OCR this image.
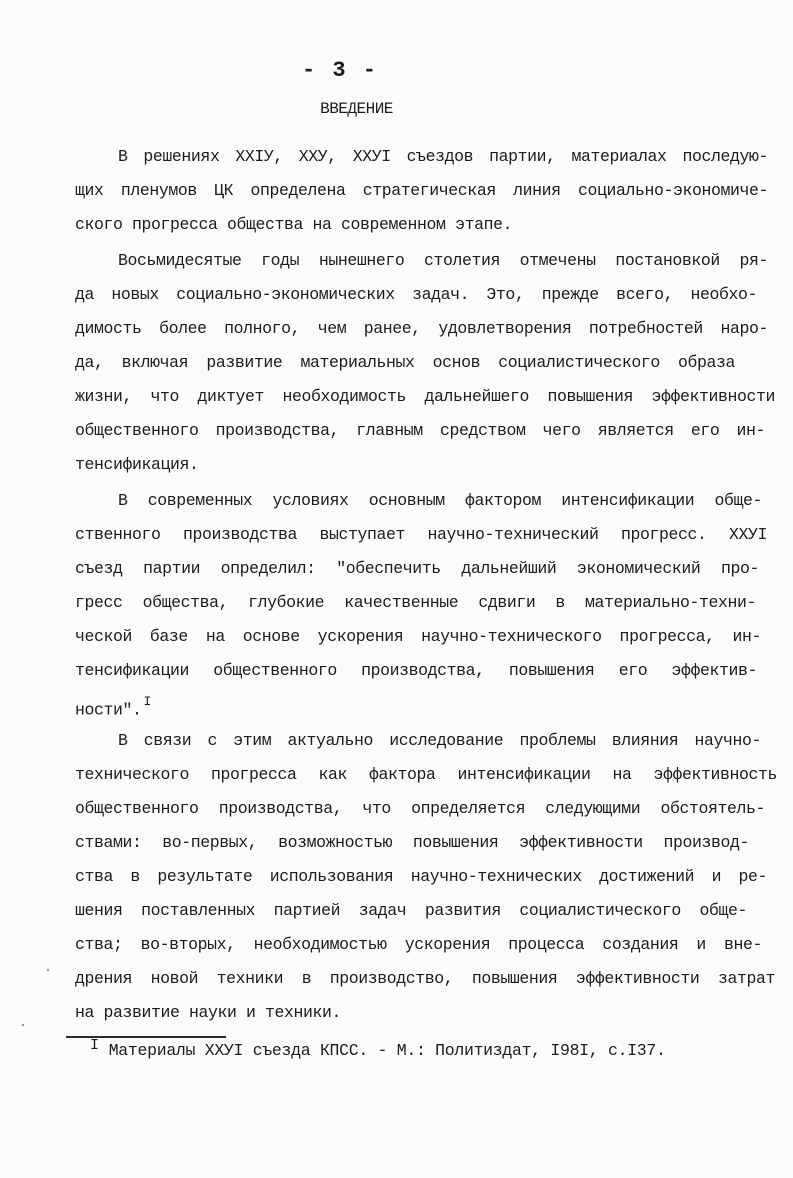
- 3 -
ВВЕДЕНИЕ
В решениях XXIУ, XXУ, XXУI съездов партии, материалах последую-
щих пленумов ЦК определена стратегическая линия социально-экономиче-
ского прогресса общества на современном этапе.
Восьмидесятые годы нынешнего столетия отмечены постановкой ря-
да новых социально-экономических задач. Это, прежде всего, необхо-
димость более полного, чем ранее, удовлетворения потребностей наро-
да, включая развитие материальных основ социалистического образа
жизни, что диктует необходимость дальнейшего повышения эффективности
общественного производства, главным средством чего является его ин-
тенсификация.
В современных условиях основным фактором интенсификации обще-
ственного производства выступает научно-технический прогресс. XXУI
съезд партии определил: "обеспечить дальнейший экономический про-
гресс общества, глубокие качественные сдвиги в материально-техни-
ческой базе на основе ускорения научно-технического прогресса, ин-
тенсификации общественного производства, повышения его эффектив-
ности". $^I$
В связи с этим актуально исследование проблемы влияния научно-
технического прогресса как фактора интенсификации на эффективность
общественного производства, что определяется следующими обстоятель-
ствами: во-первых, возможностью повышения эффективности производ-
ства в результате использования научно-технических достижений и ре-
шения поставленных партией задач развития социалистического обще-
ства; во-вторых, необходимостью ускорения процесса создания и вне-
дрения новой техники в производство, повышения эффективности затрат
на развитие науки и техники.
I Материалы XXУI съезда КПСС. - М.: Политиздат, I98I, с.I37.
